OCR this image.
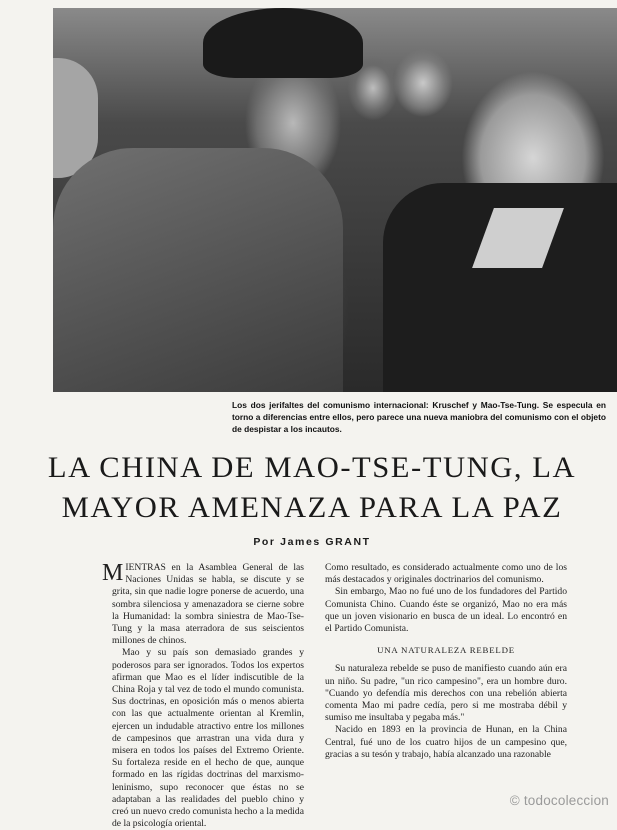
Los dos jerifaltes del comunismo internacional: Kruschef y Mao-Tse-Tung. Se especula en torno a diferencias entre ellos, pero parece una nueva maniobra del comunismo con el objeto de despistar a los incautos.
LA CHINA DE MAO-TSE-TUNG, LA
MAYOR AMENAZA PARA LA PAZ
Por James GRANT

MIENTRAS en la Asamblea General de las Naciones Unidas se habla, se discute y se grita, sin que nadie logre ponerse de acuerdo, una sombra silenciosa y amenazadora se cierne sobre la Humanidad: la sombra siniestra de Mao-Tse-Tung y la masa aterradora de sus seiscientos millones de chinos.

Mao y su país son demasiado grandes y poderosos para ser ignorados. Todos los expertos afirman que Mao es el líder indiscutible de la China Roja y tal vez de todo el mundo comunista. Sus doctrinas, en oposición más o menos abierta con las que actualmente orientan al Kremlin, ejercen un indudable atractivo entre los millones de campesinos que arrastran una vida dura y misera en todos los países del Extremo Oriente. Su fortaleza reside en el hecho de que, aunque formado en las rígidas doctrinas del marxismo-leninismo, supo reconocer que éstas no se adaptaban a las realidades del pueblo chino y creó un nuevo credo comunista hecho a la medida de la psicología oriental.

Como resultado, es considerado actualmente como uno de los más destacados y originales doctrinarios del comunismo.

Sin embargo, Mao no fué uno de los fundadores del Partido Comunista Chino. Cuando éste se organizó, Mao no era más que un joven visionario en busca de un ideal. Lo encontró en el Partido Comunista.

UNA NATURALEZA REBELDE

Su naturaleza rebelde se puso de manifiesto cuando aún era un niño. Su padre, "un rico campesino", era un hombre duro. "Cuando yo defendía mis derechos con una rebelión abierta comenta Mao mi padre cedía, pero si me mostraba débil y sumiso me insultaba y pegaba más."

Nacido en 1893 en la provincia de Hunan, en la China Central, fué uno de los cuatro hijos de un campesino que, gracias a su tesón y trabajo, había alcanzado una razonable

© todocoleccion
